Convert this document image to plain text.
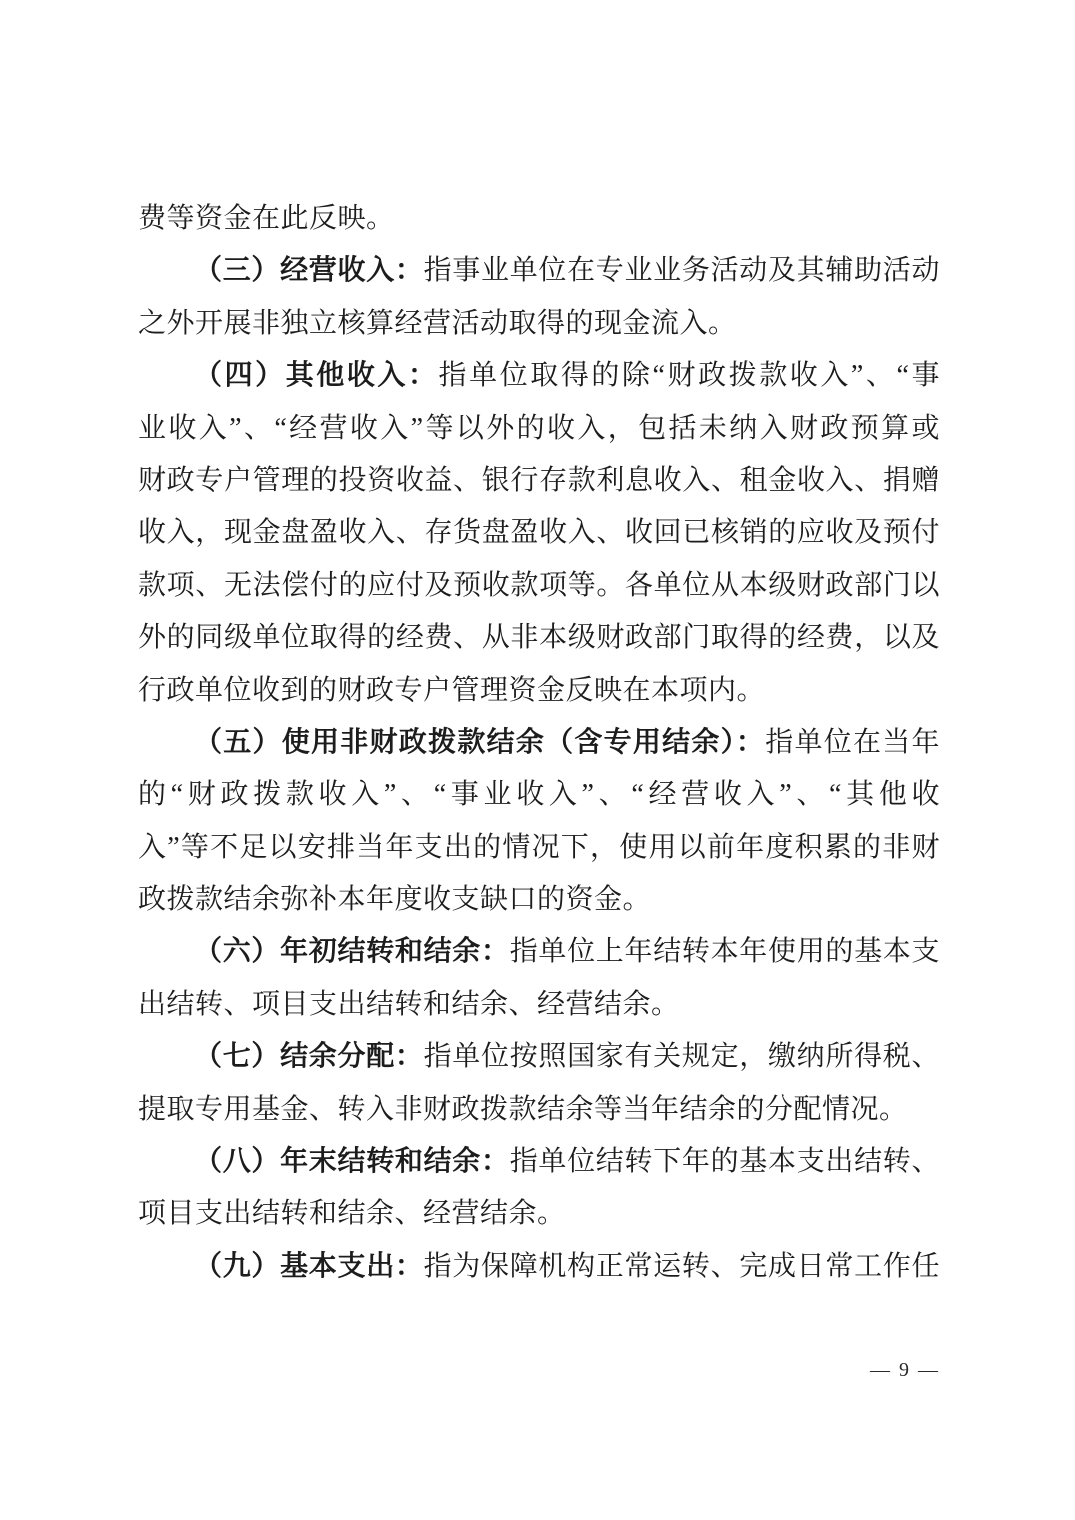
费等资金在此反映。
（三）经营收入：指事业单位在专业业务活动及其辅助活动
之外开展非独立核算经营活动取得的现金流入。
（四）其他收入：指单位取得的除“财政拨款收入”、“事
业收入”、“经营收入”等以外的收入，包括未纳入财政预算或
财政专户管理的投资收益、银行存款利息收入、租金收入、捐赠
收入，现金盘盈收入、存货盘盈收入、收回已核销的应收及预付
款项、无法偿付的应付及预收款项等。各单位从本级财政部门以
外的同级单位取得的经费、从非本级财政部门取得的经费，以及
行政单位收到的财政专户管理资金反映在本项内。
（五）使用非财政拨款结余（含专用结余）：指单位在当年
的“财政拨款收入”、“事业收入”、“经营收入”、“其他收
入”等不足以安排当年支出的情况下，使用以前年度积累的非财
政拨款结余弥补本年度收支缺口的资金。
（六）年初结转和结余：指单位上年结转本年使用的基本支
出结转、项目支出结转和结余、经营结余。
（七）结余分配：指单位按照国家有关规定，缴纳所得税、
提取专用基金、转入非财政拨款结余等当年结余的分配情况。
（八）年末结转和结余：指单位结转下年的基本支出结转、
项目支出结转和结余、经营结余。
（九）基本支出：指为保障机构正常运转、完成日常工作任
— 9 —
